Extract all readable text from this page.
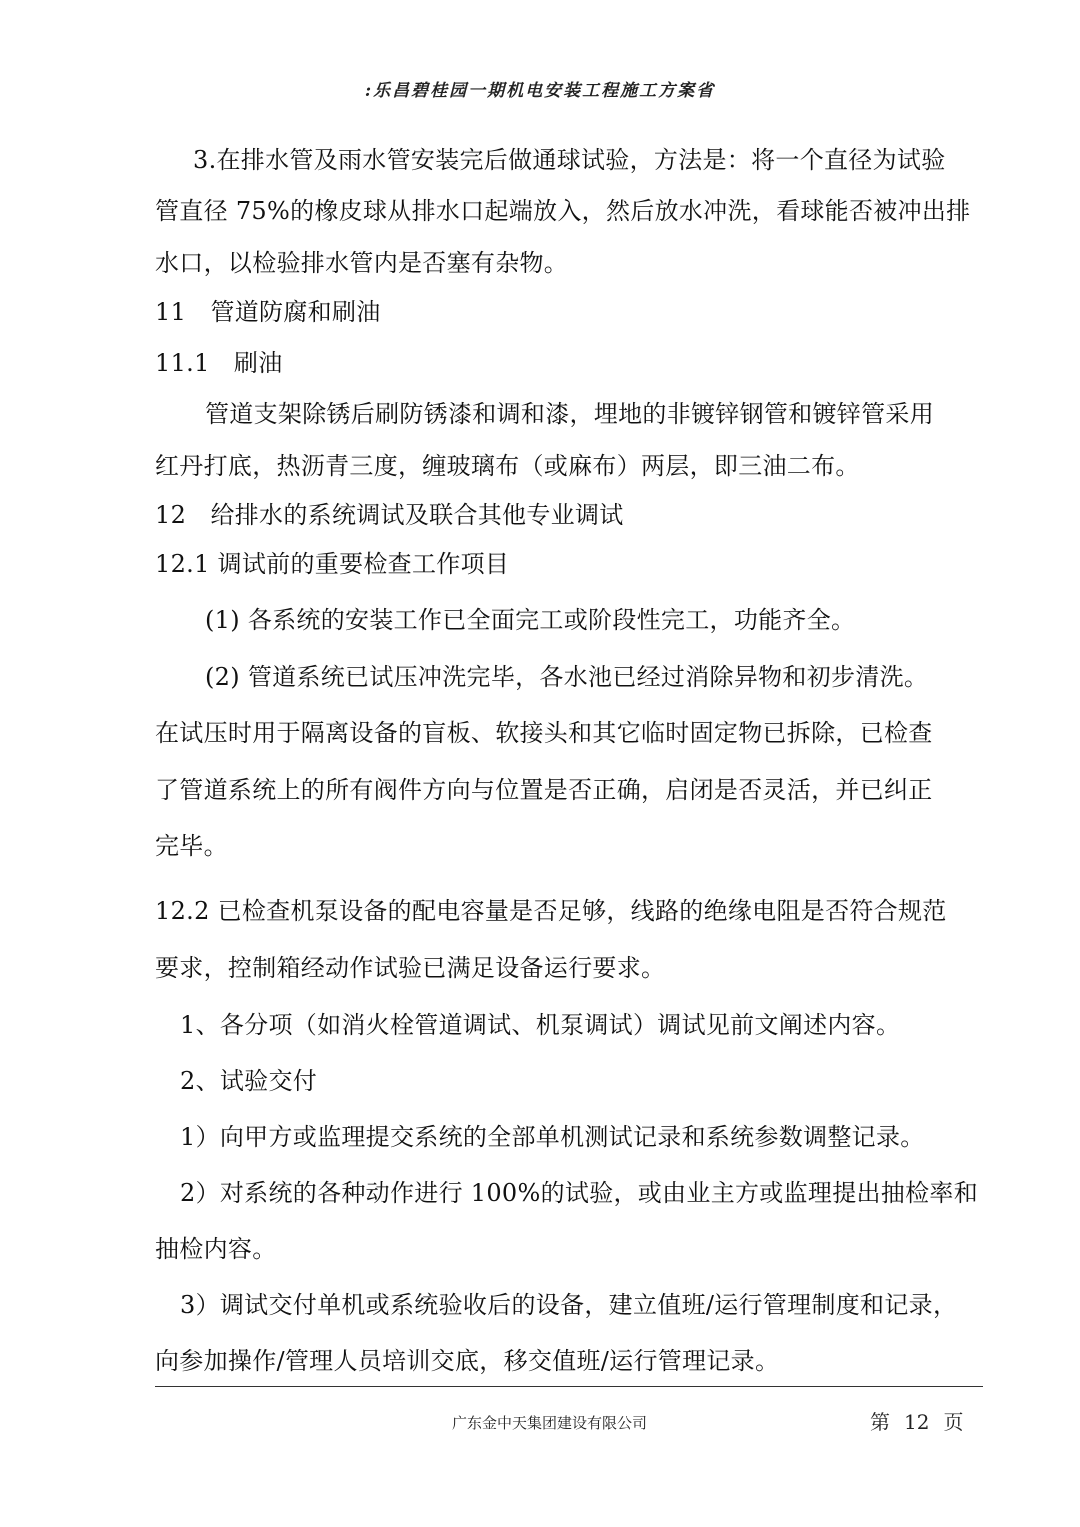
:乐昌碧桂园一期机电安装工程施工方案省
3.在排水管及雨水管安装完后做通球试验，方法是：将一个直径为试验
管直径 75%的橡皮球从排水口起端放入，然后放水冲洗，看球能否被冲出排
水口，以检验排水管内是否塞有杂物。
11　管道防腐和刷油
11.1　刷油
管道支架除锈后刷防锈漆和调和漆，埋地的非镀锌钢管和镀锌管采用
红丹打底，热沥青三度，缠玻璃布（或麻布）两层，即三油二布。
12　给排水的系统调试及联合其他专业调试
12.1 调试前的重要检查工作项目
(1) 各系统的安装工作已全面完工或阶段性完工，功能齐全。
(2) 管道系统已试压冲洗完毕，各水池已经过消除异物和初步清洗。
在试压时用于隔离设备的盲板、软接头和其它临时固定物已拆除，已检查
了管道系统上的所有阀件方向与位置是否正确，启闭是否灵活，并已纠正
完毕。
12.2 已检查机泵设备的配电容量是否足够，线路的绝缘电阻是否符合规范
要求，控制箱经动作试验已满足设备运行要求。
1、各分项（如消火栓管道调试、机泵调试）调试见前文阐述内容。
2、试验交付
1）向甲方或监理提交系统的全部单机测试记录和系统参数调整记录。
2）对系统的各种动作进行 100%的试验，或由业主方或监理提出抽检率和
抽检内容。
3）调试交付单机或系统验收后的设备，建立值班/运行管理制度和记录，
向参加操作/管理人员培训交底，移交值班/运行管理记录。
广东金中天集团建设有限公司	第 12 页
